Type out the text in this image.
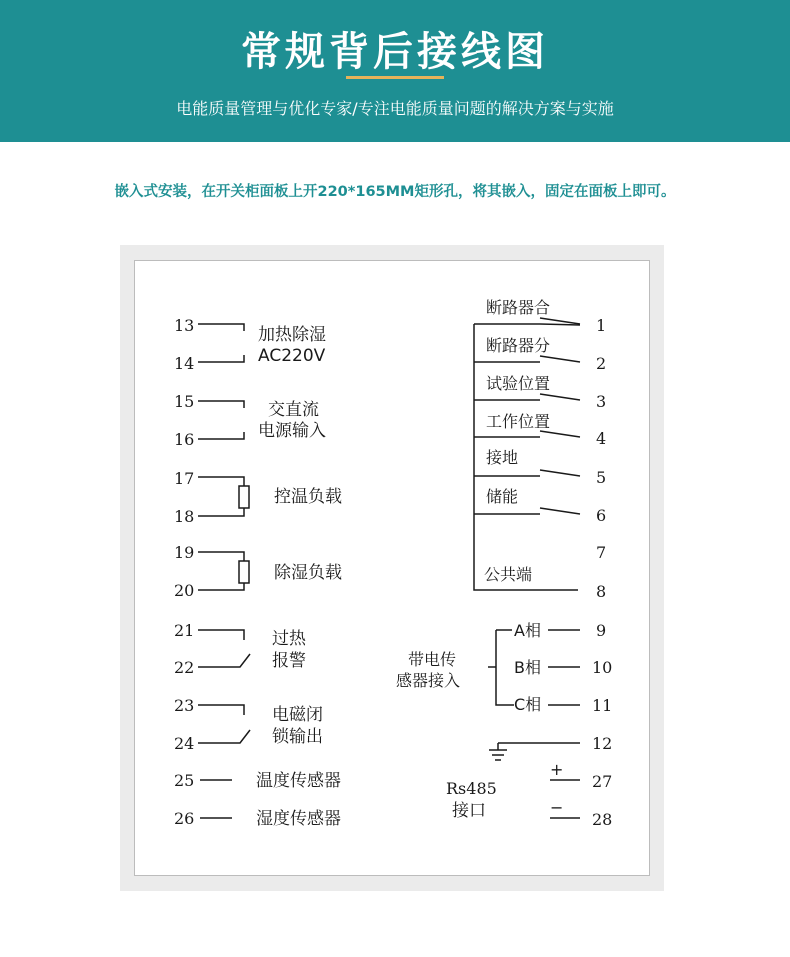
常规背后接线图
电能质量管理与优化专家/专注电能质量问题的解决方案与实施
嵌入式安装，在开关柜面板上开220*165MM矩形孔，将其嵌入，固定在面板上即可。
13
14
加热除湿
AC220V
15
16
交直流
电源输入
17
18
控温负载
19
20
除湿负载
21
22
过热
报警
23
24
电磁闭
锁输出
25	温度传感器
26	湿度传感器
断路器合
1
断路器分
2
试验位置
3
工作位置
4
接地
5
储能
6
7
公共端
8
A相	9
B相	10
C相	11
带电传
感器接入
12
+
27
−
28
Rs485
接口
